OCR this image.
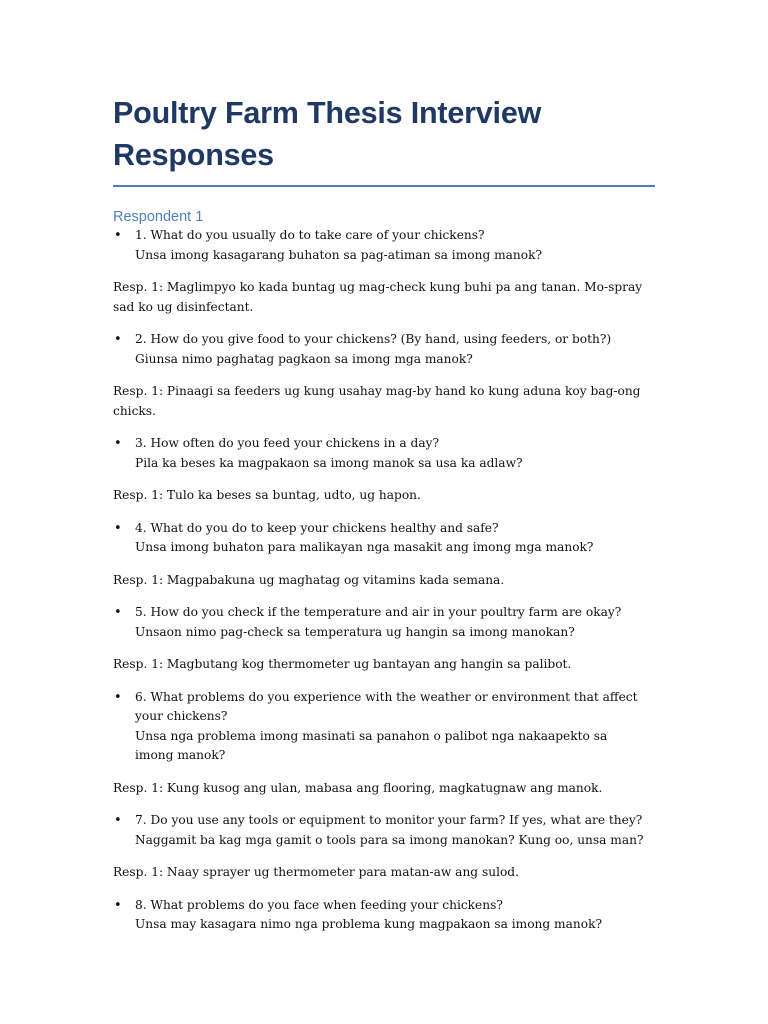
Poultry Farm Thesis Interview Responses
Respondent 1
•	1. What do you usually do to take care of your chickens?
Unsa imong kasagarang buhaton sa pag-atiman sa imong manok?
Resp. 1: Maglimpyo ko kada buntag ug mag-check kung buhi pa ang tanan. Mo-spray sad ko ug disinfectant.
•	2. How do you give food to your chickens? (By hand, using feeders, or both?)
Giunsa nimo paghatag pagkaon sa imong mga manok?
Resp. 1: Pinaagi sa feeders ug kung usahay mag-by hand ko kung aduna koy bag-ong chicks.
•	3. How often do you feed your chickens in a day?
Pila ka beses ka magpakaon sa imong manok sa usa ka adlaw?
Resp. 1: Tulo ka beses sa buntag, udto, ug hapon.
•	4. What do you do to keep your chickens healthy and safe?
Unsa imong buhaton para malikayan nga masakit ang imong mga manok?
Resp. 1: Magpabakuna ug maghatag og vitamins kada semana.
•	5. How do you check if the temperature and air in your poultry farm are okay?
Unsaon nimo pag-check sa temperatura ug hangin sa imong manokan?
Resp. 1: Magbutang kog thermometer ug bantayan ang hangin sa palibot.
•	6. What problems do you experience with the weather or environment that affect your chickens?
Unsa nga problema imong masinati sa panahon o palibot nga nakaapekto sa imong manok?
Resp. 1: Kung kusog ang ulan, mabasa ang flooring, magkatugnaw ang manok.
•	7. Do you use any tools or equipment to monitor your farm? If yes, what are they?
Naggamit ba kag mga gamit o tools para sa imong manokan? Kung oo, unsa man?
Resp. 1: Naay sprayer ug thermometer para matan-aw ang sulod.
•	8. What problems do you face when feeding your chickens?
Unsa may kasagara nimo nga problema kung magpakaon sa imong manok?
